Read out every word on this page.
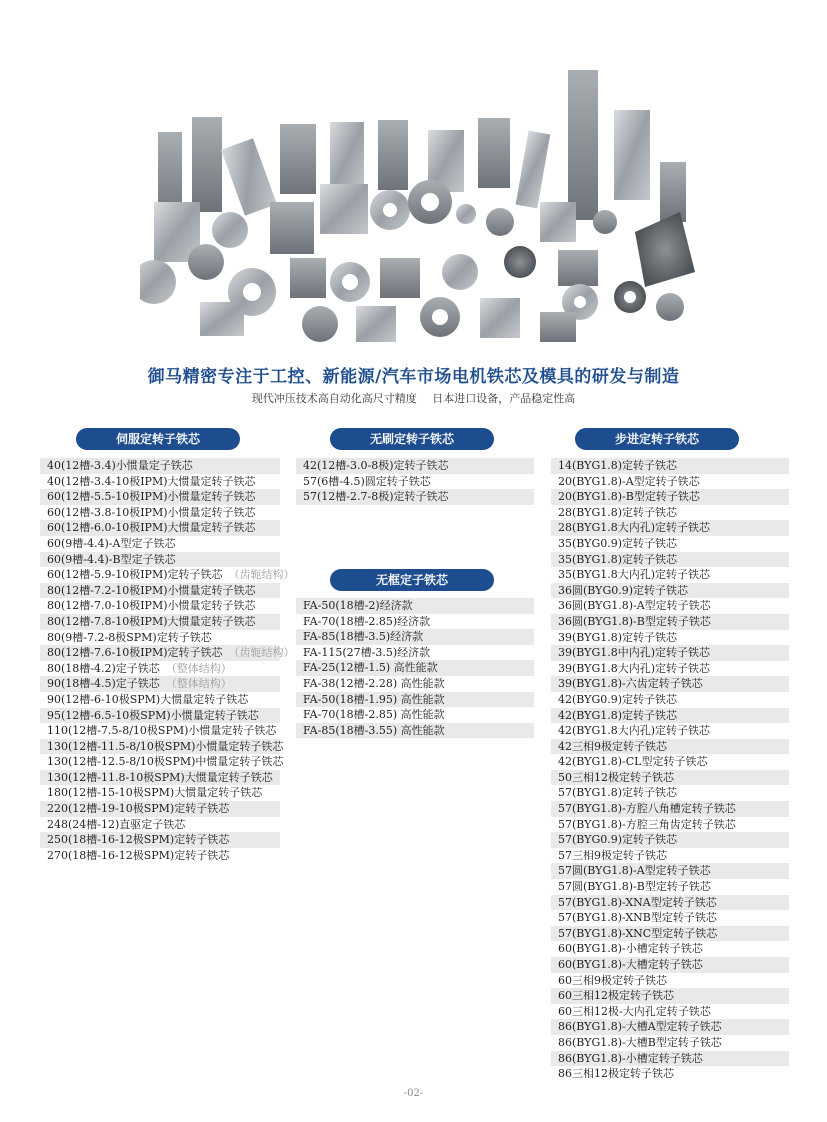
御马精密专注于工控、新能源/汽车市场电机铁芯及模具的研发与制造
现代冲压技术高自动化高尺寸精度 日本进口设备，产品稳定性高
伺服定转子铁芯
40(12槽-3.4)小惯量定子铁芯
40(12槽-3.4-10极IPM)大惯量定转子铁芯
60(12槽-5.5-10极IPM)小惯量定转子铁芯
60(12槽-3.8-10极IPM)小惯量定转子铁芯
60(12槽-6.0-10极IPM)大惯量定转子铁芯
60(9槽-4.4)-A型定子铁芯
60(9槽-4.4)-B型定子铁芯
60(12槽-5.9-10极IPM)定转子铁芯 （齿轭结构）
80(12槽-7.2-10极IPM)小惯量定转子铁芯
80(12槽-7.0-10极IPM)小惯量定转子铁芯
80(12槽-7.8-10极IPM)大惯量定转子铁芯
80(9槽-7.2-8极SPM)定转子铁芯
80(12槽-7.6-10极IPM)定转子铁芯 （齿轭结构）
80(18槽-4.2)定子铁芯 （整体结构）
90(18槽-4.5)定子铁芯 （整体结构）
90(12槽-6-10极SPM)大惯量定转子铁芯
95(12槽-6.5-10极SPM)小惯量定转子铁芯
110(12槽-7.5-8/10极SPM)小惯量定转子铁芯
130(12槽-11.5-8/10极SPM)小惯量定转子铁芯
130(12槽-12.5-8/10极SPM)中惯量定转子铁芯
130(12槽-11.8-10极SPM)大惯量定转子铁芯
180(12槽-15-10极SPM)大惯量定转子铁芯
220(12槽-19-10极SPM)定转子铁芯
248(24槽-12)直驱定子铁芯
250(18槽-16-12极SPM)定转子铁芯
270(18槽-16-12极SPM)定转子铁芯
无刷定转子铁芯
42(12槽-3.0-8极)定转子铁芯
57(6槽-4.5)圆定转子铁芯
57(12槽-2.7-8极)定转子铁芯
无框定子铁芯
FA-50(18槽-2)经济款
FA-70(18槽-2.85)经济款
FA-85(18槽-3.5)经济款
FA-115(27槽-3.5)经济款
FA-25(12槽-1.5) 高性能款
FA-38(12槽-2.28) 高性能款
FA-50(18槽-1.95) 高性能款
FA-70(18槽-2.85) 高性能款
FA-85(18槽-3.55) 高性能款
步进定转子铁芯
14(BYG1.8)定转子铁芯
20(BYG1.8)-A型定转子铁芯
20(BYG1.8)-B型定转子铁芯
28(BYG1.8)定转子铁芯
28(BYG1.8大内孔)定转子铁芯
35(BYG0.9)定转子铁芯
35(BYG1.8)定转子铁芯
35(BYG1.8大内孔)定转子铁芯
36圆(BYG0.9)定转子铁芯
36圆(BYG1.8)-A型定转子铁芯
36圆(BYG1.8)-B型定转子铁芯
39(BYG1.8)定转子铁芯
39(BYG1.8中内孔)定转子铁芯
39(BYG1.8大内孔)定转子铁芯
39(BYG1.8)-六齿定转子铁芯
42(BYG0.9)定转子铁芯
42(BYG1.8)定转子铁芯
42(BYG1.8大内孔)定转子铁芯
42三相9极定转子铁芯
42(BYG1.8)-CL型定转子铁芯
50三相12极定转子铁芯
57(BYG1.8)定转子铁芯
57(BYG1.8)-方腔八角槽定转子铁芯
57(BYG1.8)-方腔三角齿定转子铁芯
57(BYG0.9)定转子铁芯
57三相9极定转子铁芯
57圆(BYG1.8)-A型定转子铁芯
57圆(BYG1.8)-B型定转子铁芯
57(BYG1.8)-XNA型定转子铁芯
57(BYG1.8)-XNB型定转子铁芯
57(BYG1.8)-XNC型定转子铁芯
60(BYG1.8)-小槽定转子铁芯
60(BYG1.8)-大槽定转子铁芯
60三相9极定转子铁芯
60三相12极定转子铁芯
60三相12极-大内孔定转子铁芯
86(BYG1.8)-大槽A型定转子铁芯
86(BYG1.8)-大槽B型定转子铁芯
86(BYG1.8)-小槽定转子铁芯
86三相12极定转子铁芯
-02-
